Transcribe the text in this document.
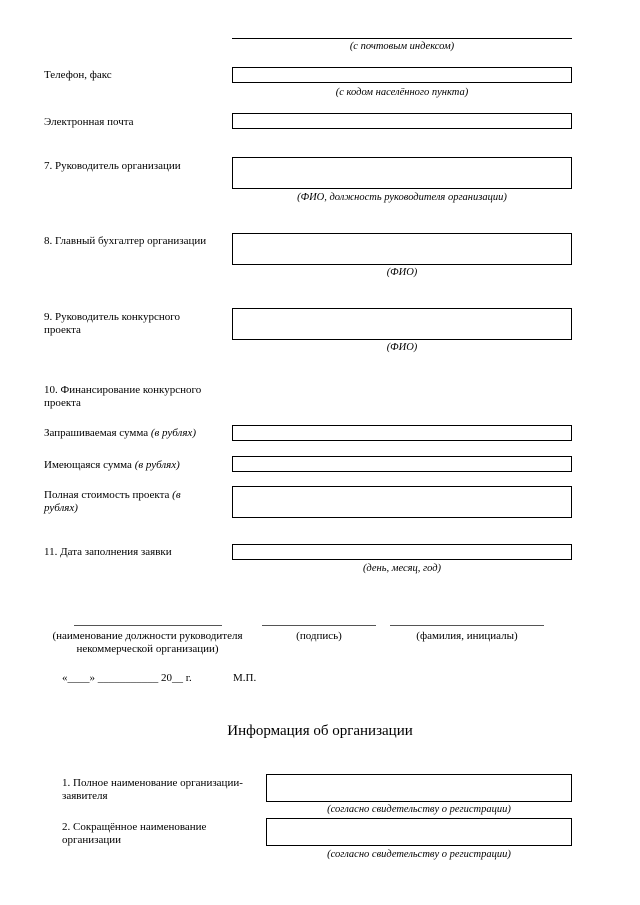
(с почтовым индексом)
Телефон, факс
(с кодом населённого пункта)
Электронная почта
7. Руководитель организации
(ФИО, должность руководителя организации)
8. Главный бухгалтер организации
(ФИО)
9. Руководитель конкурсного проекта
(ФИО)
10. Финансирование конкурсного проекта
Запрашиваемая сумма (в рублях)
Имеющаяся сумма (в рублях)
Полная стоимость проекта (в рублях)
11. Дата заполнения заявки
(день, месяц, год)
(наименование должности руководителя некоммерческой организации)
(подпись)	(фамилия, инициалы)
«____» ___________ 20__ г.	М.П.
Информация об организации
1. Полное наименование организации-заявителя
(согласно свидетельству о регистрации)
2. Сокращённое наименование организации
(согласно свидетельству о регистрации)
